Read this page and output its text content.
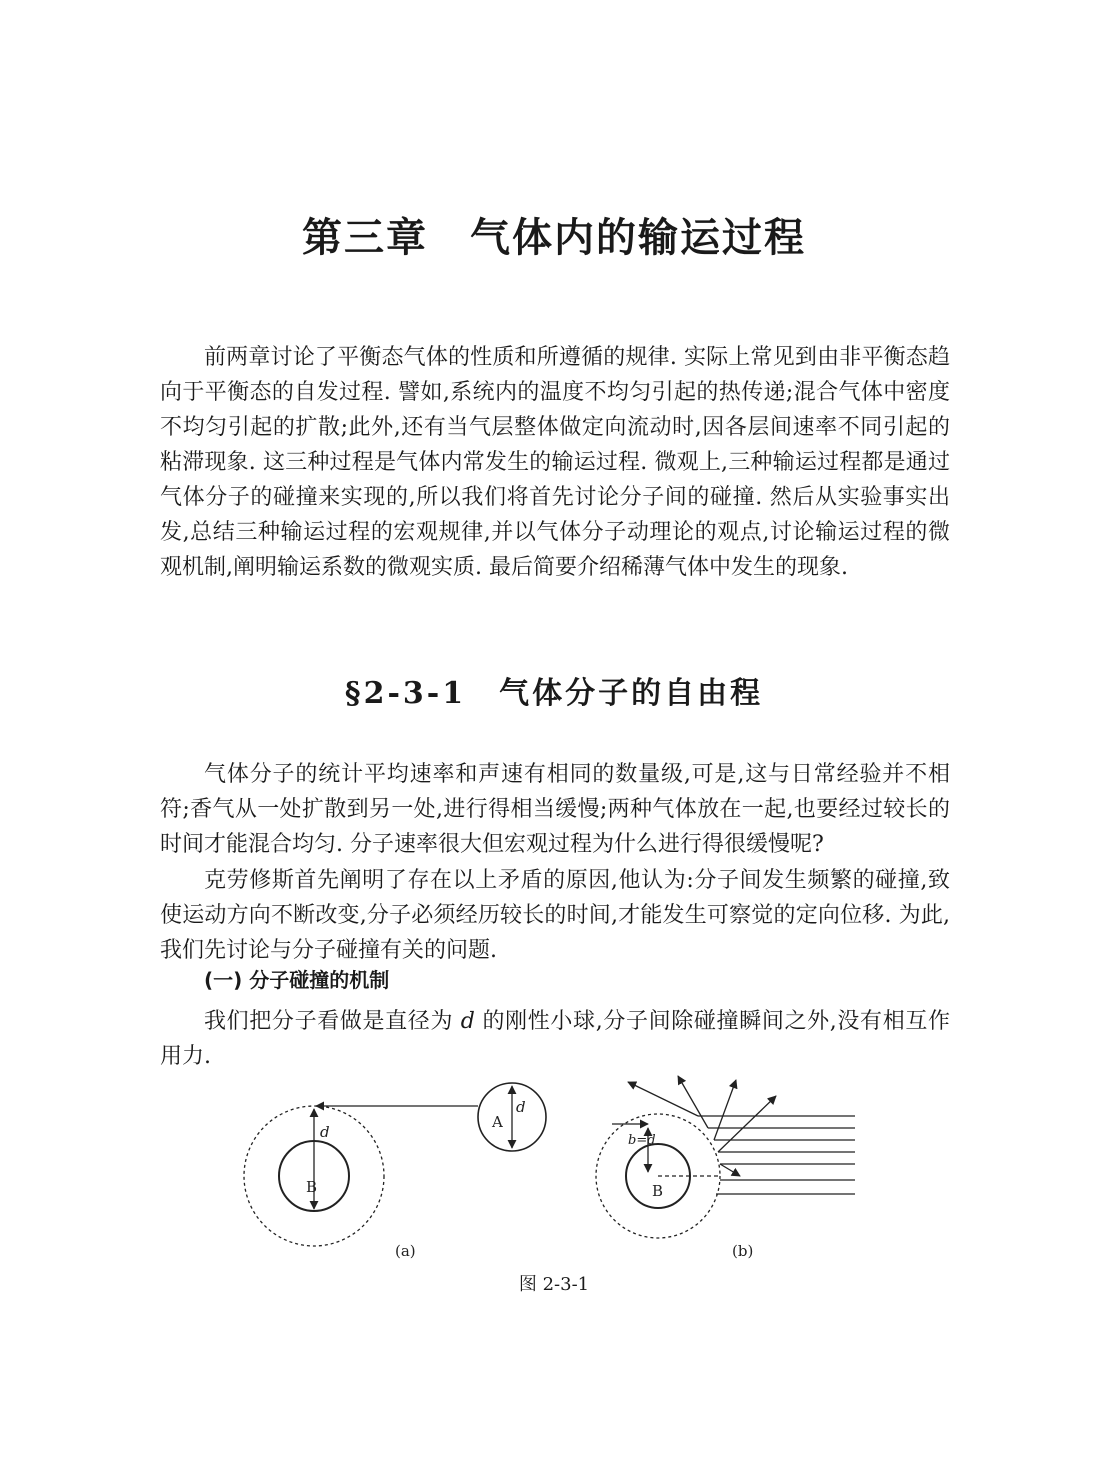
第三章　气体内的输运过程

前两章讨论了平衡态气体的性质和所遵循的规律. 实际上常见到由非平衡态趋向于平衡态的自发过程. 譬如,系统内的温度不均匀引起的热传递;混合气体中密度不均匀引起的扩散;此外,还有当气层整体做定向流动时,因各层间速率不同引起的粘滞现象. 这三种过程是气体内常发生的输运过程. 微观上,三种输运过程都是通过气体分子的碰撞来实现的,所以我们将首先讨论分子间的碰撞. 然后从实验事实出发,总结三种输运过程的宏观规律,并以气体分子动理论的观点,讨论输运过程的微观机制,阐明输运系数的微观实质. 最后简要介绍稀薄气体中发生的现象.

§2-3-1　气体分子的自由程

气体分子的统计平均速率和声速有相同的数量级,可是,这与日常经验并不相符;香气从一处扩散到另一处,进行得相当缓慢;两种气体放在一起,也要经过较长的时间才能混合均匀. 分子速率很大但宏观过程为什么进行得很缓慢呢?

克劳修斯首先阐明了存在以上矛盾的原因,他认为:分子间发生频繁的碰撞,致使运动方向不断改变,分子必须经历较长的时间,才能发生可察觉的定向位移. 为此,我们先讨论与分子碰撞有关的问题.

(一) 分子碰撞的机制

我们把分子看做是直径为 d 的刚性小球,分子间除碰撞瞬间之外,没有相互作用力.

d
B
A
d
(a)
b=d
B
(b)
图 2-3-1
